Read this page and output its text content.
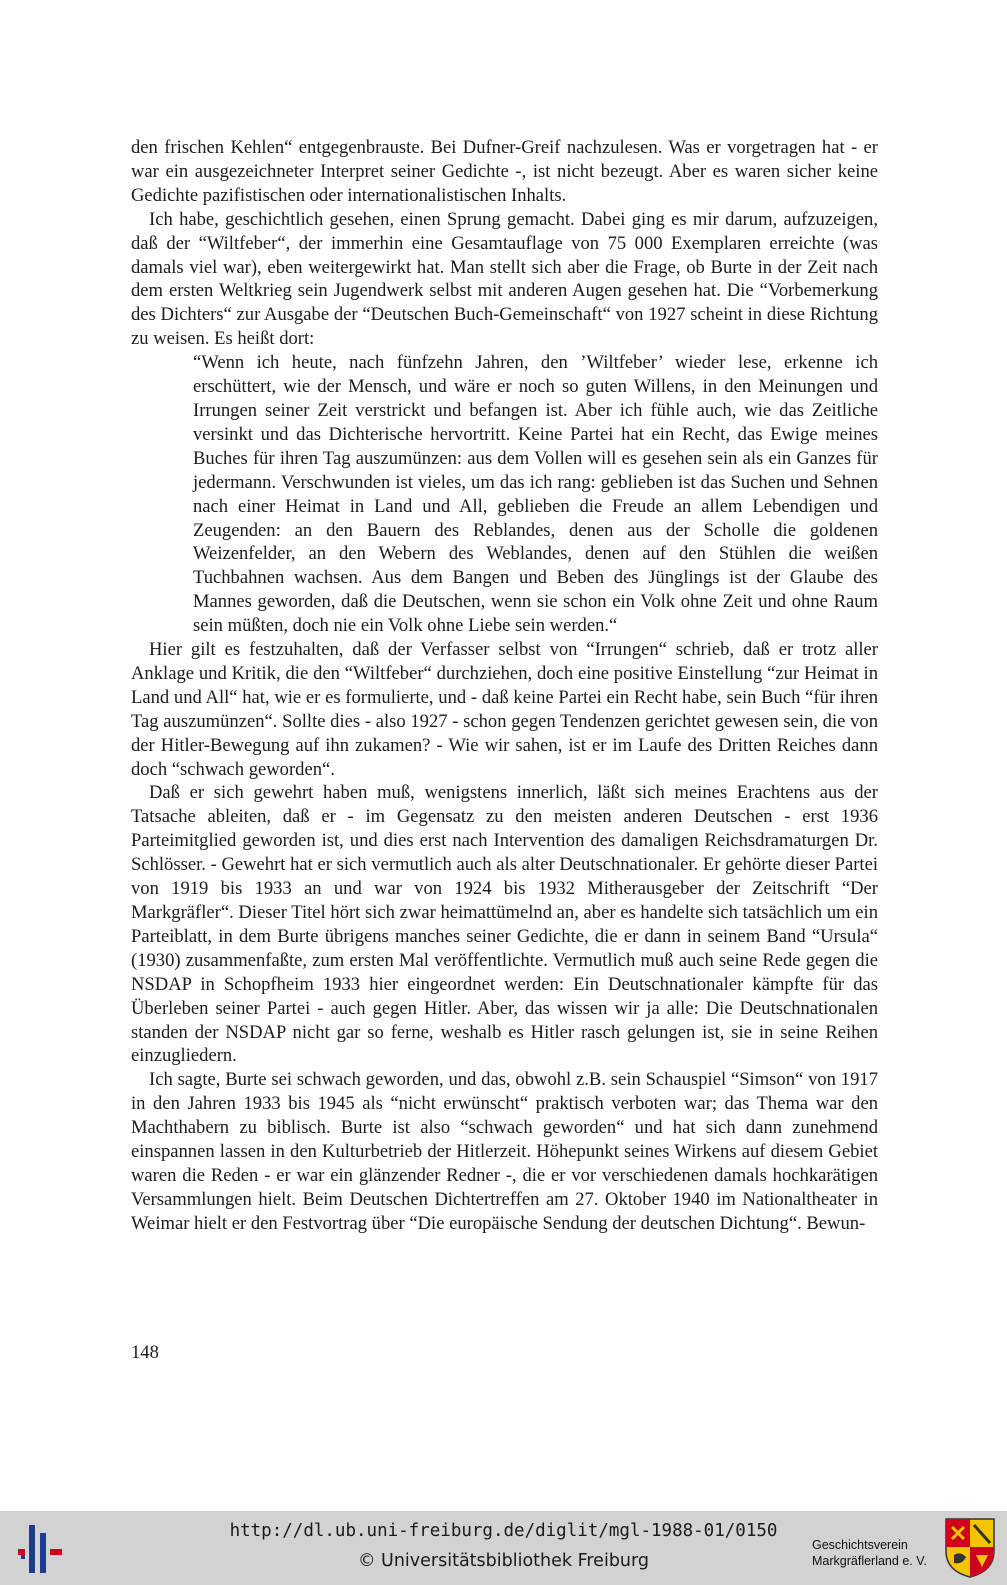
den frischen Kehlen“ entgegenbrauste. Bei Dufner-Greif nachzulesen. Was er vorgetragen hat - er war ein ausgezeichneter Interpret seiner Gedichte -, ist nicht bezeugt. Aber es waren sicher keine Gedichte pazifistischen oder internationalistischen Inhalts.

Ich habe, geschichtlich gesehen, einen Sprung gemacht. Dabei ging es mir darum, aufzuzeigen, daß der “Wiltfeber“, der immerhin eine Gesamtauflage von 75 000 Exemplaren erreichte (was damals viel war), eben weitergewirkt hat. Man stellt sich aber die Frage, ob Burte in der Zeit nach dem ersten Weltkrieg sein Jugendwerk selbst mit anderen Augen gesehen hat. Die “Vorbemerkung des Dichters“ zur Ausgabe der “Deutschen Buch-Gemeinschaft“ von 1927 scheint in diese Richtung zu weisen. Es heißt dort:

“Wenn ich heute, nach fünfzehn Jahren, den ’Wiltfeber’ wieder lese, erkenne ich erschüttert, wie der Mensch, und wäre er noch so guten Willens, in den Meinungen und Irrungen seiner Zeit verstrickt und befangen ist. Aber ich fühle auch, wie das Zeitliche versinkt und das Dichterische hervortritt. Keine Partei hat ein Recht, das Ewige meines Buches für ihren Tag auszumünzen: aus dem Vollen will es gesehen sein als ein Ganzes für jedermann. Verschwunden ist vieles, um das ich rang: geblieben ist das Suchen und Sehnen nach einer Heimat in Land und All, geblieben die Freude an allem Lebendigen und Zeugenden: an den Bauern des Reblandes, denen aus der Scholle die goldenen Weizenfelder, an den Webern des Weblandes, denen auf den Stühlen die weißen Tuchbahnen wachsen. Aus dem Bangen und Beben des Jünglings ist der Glaube des Mannes geworden, daß die Deutschen, wenn sie schon ein Volk ohne Zeit und ohne Raum sein müßten, doch nie ein Volk ohne Liebe sein werden.“

Hier gilt es festzuhalten, daß der Verfasser selbst von “Irrungen“ schrieb, daß er trotz aller Anklage und Kritik, die den “Wiltfeber“ durchziehen, doch eine positive Einstellung “zur Heimat in Land und All“ hat, wie er es formulierte, und - daß keine Partei ein Recht habe, sein Buch “für ihren Tag auszumünzen“. Sollte dies - also 1927 - schon gegen Tendenzen gerichtet gewesen sein, die von der Hitler-Bewegung auf ihn zukamen? - Wie wir sahen, ist er im Laufe des Dritten Reiches dann doch “schwach geworden“.

Daß er sich gewehrt haben muß, wenigstens innerlich, läßt sich meines Erachtens aus der Tatsache ableiten, daß er - im Gegensatz zu den meisten anderen Deutschen - erst 1936 Parteimitglied geworden ist, und dies erst nach Intervention des damaligen Reichsdramaturgen Dr. Schlösser. - Gewehrt hat er sich vermutlich auch als alter Deutschnationaler. Er gehörte dieser Partei von 1919 bis 1933 an und war von 1924 bis 1932 Mitherausgeber der Zeitschrift “Der Markgräfler“. Dieser Titel hört sich zwar heimattümelnd an, aber es handelte sich tatsächlich um ein Parteiblatt, in dem Burte übrigens manches seiner Gedichte, die er dann in seinem Band “Ursula“ (1930) zusammenfaßte, zum ersten Mal veröffentlichte. Vermutlich muß auch seine Rede gegen die NSDAP in Schopfheim 1933 hier eingeordnet werden: Ein Deutschnationaler kämpfte für das Überleben seiner Partei - auch gegen Hitler. Aber, das wissen wir ja alle: Die Deutschnationalen standen der NSDAP nicht gar so ferne, weshalb es Hitler rasch gelungen ist, sie in seine Reihen einzugliedern.

Ich sagte, Burte sei schwach geworden, und das, obwohl z.B. sein Schauspiel “Simson“ von 1917 in den Jahren 1933 bis 1945 als “nicht erwünscht“ praktisch verboten war; das Thema war den Machthabern zu biblisch. Burte ist also “schwach geworden“ und hat sich dann zunehmend einspannen lassen in den Kulturbetrieb der Hitlerzeit. Höhepunkt seines Wirkens auf diesem Gebiet waren die Reden - er war ein glänzender Redner -, die er vor verschiedenen damals hochkarätigen Versammlungen hielt. Beim Deutschen Dichtertreffen am 27. Oktober 1940 im Nationaltheater in Weimar hielt er den Festvortrag über “Die europäische Sendung der deutschen Dichtung“. Bewun-

148
http://dl.ub.uni-freiburg.de/diglit/mgl-1988-01/0150
© Universitätsbibliothek Freiburg
Geschichtsverein
Markgräflerland e. V.
